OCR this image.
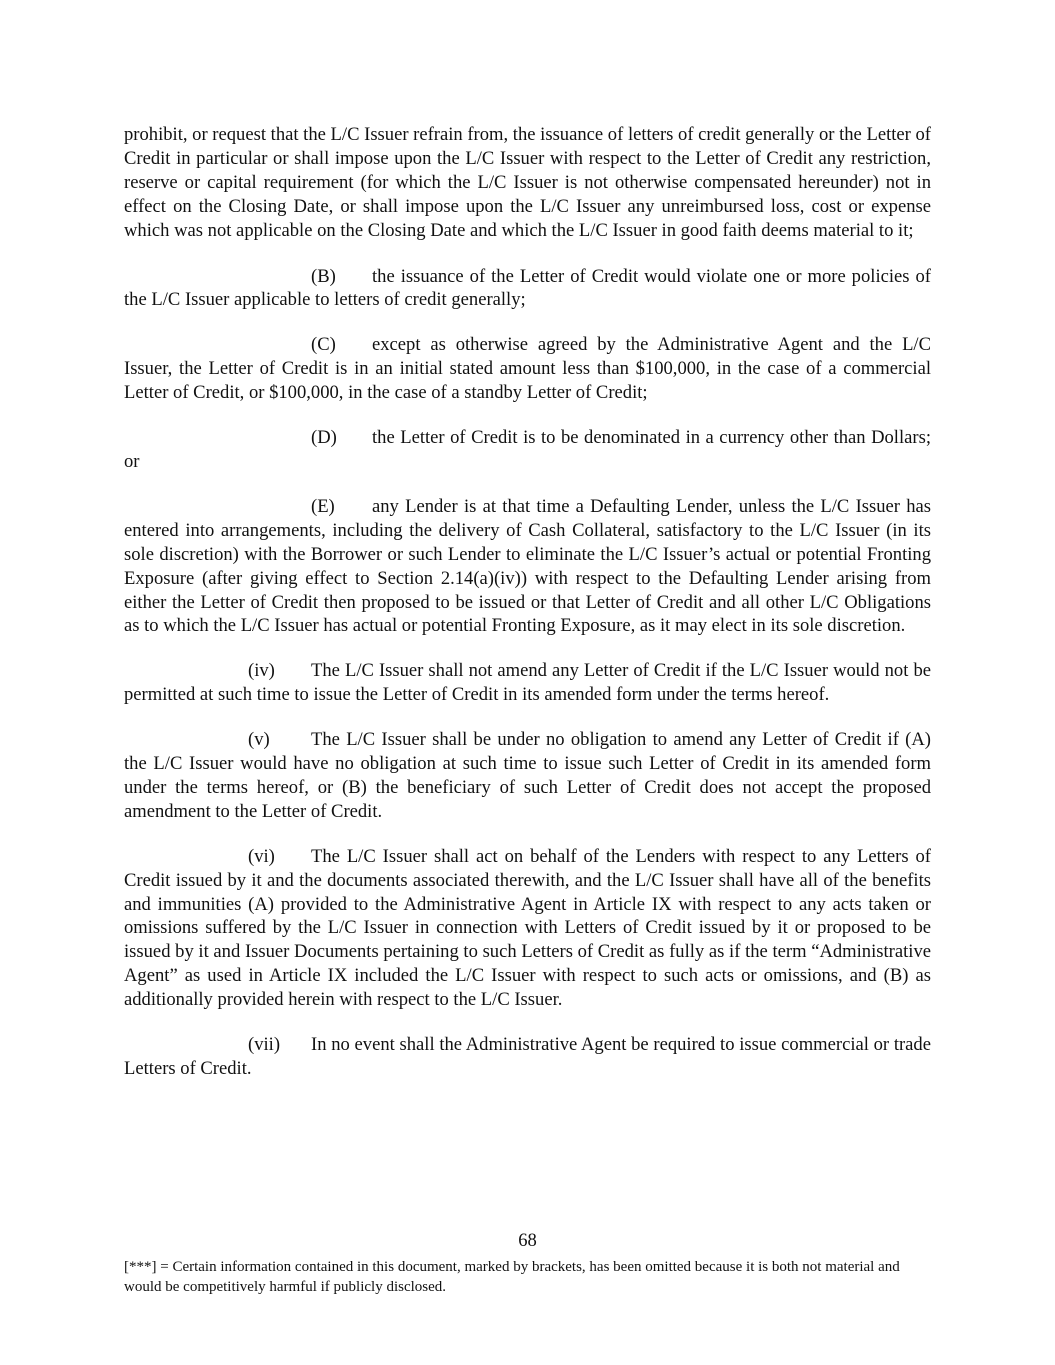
prohibit, or request that the L/C Issuer refrain from, the issuance of letters of credit generally or the Letter of Credit in particular or shall impose upon the L/C Issuer with respect to the Letter of Credit any restriction, reserve or capital requirement (for which the L/C Issuer is not otherwise compensated hereunder) not in effect on the Closing Date, or shall impose upon the L/C Issuer any unreimbursed loss, cost or expense which was not applicable on the Closing Date and which the L/C Issuer in good faith deems material to it;

(B) the issuance of the Letter of Credit would violate one or more policies of the L/C Issuer applicable to letters of credit generally;

(C) except as otherwise agreed by the Administrative Agent and the L/C Issuer, the Letter of Credit is in an initial stated amount less than $100,000, in the case of a commercial Letter of Credit, or $100,000, in the case of a standby Letter of Credit;

(D) the Letter of Credit is to be denominated in a currency other than Dollars; or

(E) any Lender is at that time a Defaulting Lender, unless the L/C Issuer has entered into arrangements, including the delivery of Cash Collateral, satisfactory to the L/C Issuer (in its sole discretion) with the Borrower or such Lender to eliminate the L/C Issuer’s actual or potential Fronting Exposure (after giving effect to Section 2.14(a)(iv)) with respect to the Defaulting Lender arising from either the Letter of Credit then proposed to be issued or that Letter of Credit and all other L/C Obligations as to which the L/C Issuer has actual or potential Fronting Exposure, as it may elect in its sole discretion.

(iv) The L/C Issuer shall not amend any Letter of Credit if the L/C Issuer would not be permitted at such time to issue the Letter of Credit in its amended form under the terms hereof.

(v) The L/C Issuer shall be under no obligation to amend any Letter of Credit if (A) the L/C Issuer would have no obligation at such time to issue such Letter of Credit in its amended form under the terms hereof, or (B) the beneficiary of such Letter of Credit does not accept the proposed amendment to the Letter of Credit.

(vi) The L/C Issuer shall act on behalf of the Lenders with respect to any Letters of Credit issued by it and the documents associated therewith, and the L/C Issuer shall have all of the benefits and immunities (A) provided to the Administrative Agent in Article IX with respect to any acts taken or omissions suffered by the L/C Issuer in connection with Letters of Credit issued by it or proposed to be issued by it and Issuer Documents pertaining to such Letters of Credit as fully as if the term “Administrative Agent” as used in Article IX included the L/C Issuer with respect to such acts or omissions, and (B) as additionally provided herein with respect to the L/C Issuer.

(vii) In no event shall the Administrative Agent be required to issue commercial or trade Letters of Credit.

68
[***] = Certain information contained in this document, marked by brackets, has been omitted because it is both not material and would be competitively harmful if publicly disclosed.
